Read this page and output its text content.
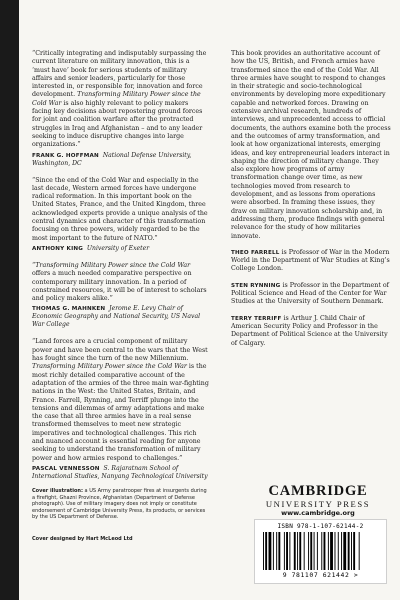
“Critically integrating and indisputably surpassing the current literature on military innovation, this is a ‘must have’ book for serious students of military affairs and senior leaders, particularly for those interested in, or responsible for, innovation and force development. Transforming Military Power since the Cold War is also highly relevant to policy makers facing key decisions about repostering ground forces for joint and coalition warfare after the protracted struggles in Iraq and Afghanistan – and to any leader seeking to induce disruptive changes into large organizations.”

FRANK G. HOFFMAN National Defense University, Washington, DC

“Since the end of the Cold War and especially in the last decade, Western armed forces have undergone radical reformation. In this important book on the United States, France, and the United Kingdom, three acknowledged experts provide a unique analysis of the central dynamics and character of this transformation focusing on three powers, widely regarded to be the most important to the future of NATO.”

ANTHONY KING University of Exeter

“Transforming Military Power since the Cold War offers a much needed comparative perspective on contemporary military innovation. In a period of constrained resources, it will be of interest to scholars and policy makers alike.”

THOMAS G. MAHNKEN Jerome E. Levy Chair of Economic Geography and National Security, US Naval War College

“Land forces are a crucial component of military power and have been central to the wars that the West has fought since the turn of the new Millennium. Transforming Military Power since the Cold War is the most richly detailed comparative account of the adaptation of the armies of the three main war-fighting nations in the West: the United States, Britain, and France. Farrell, Rynning, and Terriff plunge into the tensions and dilemmas of army adaptations and make the case that all three armies have in a real sense transformed themselves to meet new strategic imperatives and technological challenges. This rich and nuanced account is essential reading for anyone seeking to understand the transformation of military power and how armies respond to challenges.”

PASCAL VENNESSON S. Rajaratnam School of International Studies, Nanyang Technological University
Cover illustration: a US Army paratrooper fires at insurgents during a firefight, Ghazni Province, Afghanistan (Department of Defense photograph). Use of military imagery does not imply or constitute endorsement of Cambridge University Press, its products, or services by the US Department of Defense.
Cover designed by Hart McLeod Ltd

This book provides an authoritative account of how the US, British, and French armies have transformed since the end of the Cold War. All three armies have sought to respond to changes in their strategic and socio-technological environments by developing more expeditionary capable and networked forces. Drawing on extensive archival research, hundreds of interviews, and unprecedented access to official documents, the authors examine both the process and the outcomes of army transformation, and look at how organizational interests, emerging ideas, and key entrepreneurial leaders interact in shaping the direction of military change. They also explore how programs of army transformation change over time, as new technologies moved from research to development, and as lessons from operations were absorbed. In framing these issues, they draw on military innovation scholarship and, in addressing them, produce findings with general relevance for the study of how militaries innovate.

THEO FARRELL is Professor of War in the Modern World in the Department of War Studies at King’s College London.

STEN RYNNING is Professor in the Department of Political Science and Head of the Center for War Studies at the University of Southern Denmark.

TERRY TERRIFF is Arthur J. Child Chair of American Security Policy and Professor in the Department of Political Science at the University of Calgary.

CAMBRIDGE
UNIVERSITY PRESS
www.cambridge.org
ISBN 978-1-107-62144-2
9 781107 621442 >
